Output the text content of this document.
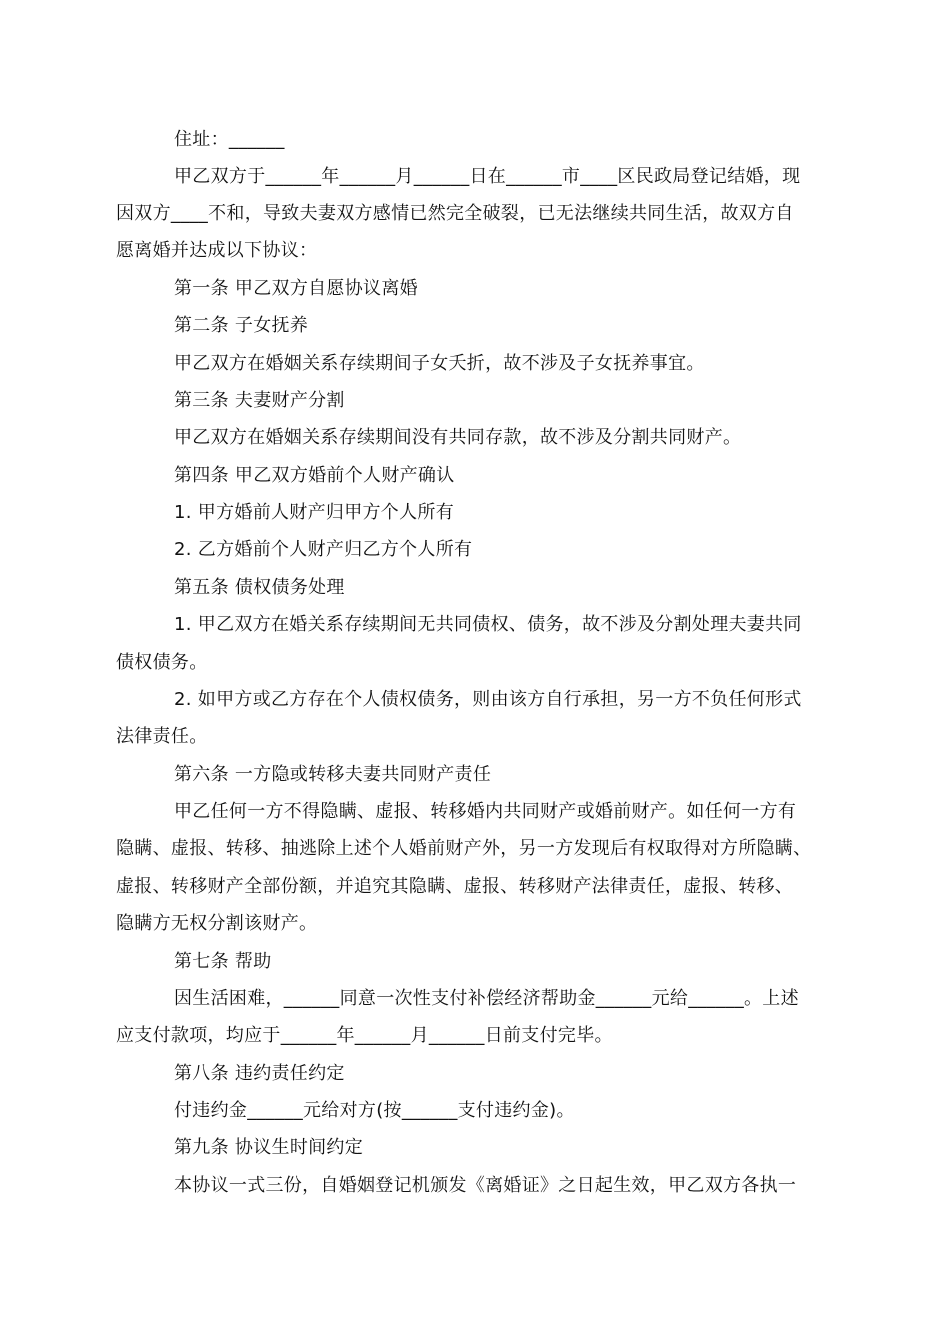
住址：______
甲乙双方于______年______月______日在______市____区民政局登记结婚，现
因双方____不和，导致夫妻双方感情已然完全破裂，已无法继续共同生活，故双方自
愿离婚并达成以下协议：
第一条 甲乙双方自愿协议离婚
第二条 子女抚养
甲乙双方在婚姻关系存续期间子女夭折，故不涉及子女抚养事宜。
第三条 夫妻财产分割
甲乙双方在婚姻关系存续期间没有共同存款，故不涉及分割共同财产。
第四条 甲乙双方婚前个人财产确认
1. 甲方婚前人财产归甲方个人所有
2. 乙方婚前个人财产归乙方个人所有
第五条 债权债务处理
1. 甲乙双方在婚关系存续期间无共同债权、债务，故不涉及分割处理夫妻共同
债权债务。
2. 如甲方或乙方存在个人债权债务，则由该方自行承担，另一方不负任何形式
法律责任。
第六条 一方隐或转移夫妻共同财产责任
甲乙任何一方不得隐瞒、虚报、转移婚内共同财产或婚前财产。如任何一方有
隐瞒、虚报、转移、抽逃除上述个人婚前财产外，另一方发现后有权取得对方所隐瞒、
虚报、转移财产全部份额，并追究其隐瞒、虚报、转移财产法律责任，虚报、转移、
隐瞒方无权分割该财产。
第七条 帮助
因生活困难，______同意一次性支付补偿经济帮助金______元给______。上述
应支付款项，均应于______年______月______日前支付完毕。
第八条 违约责任约定
付违约金______元给对方(按______支付违约金)。
第九条 协议生时间约定
本协议一式三份，自婚姻登记机颁发《离婚证》之日起生效，甲乙双方各执一
